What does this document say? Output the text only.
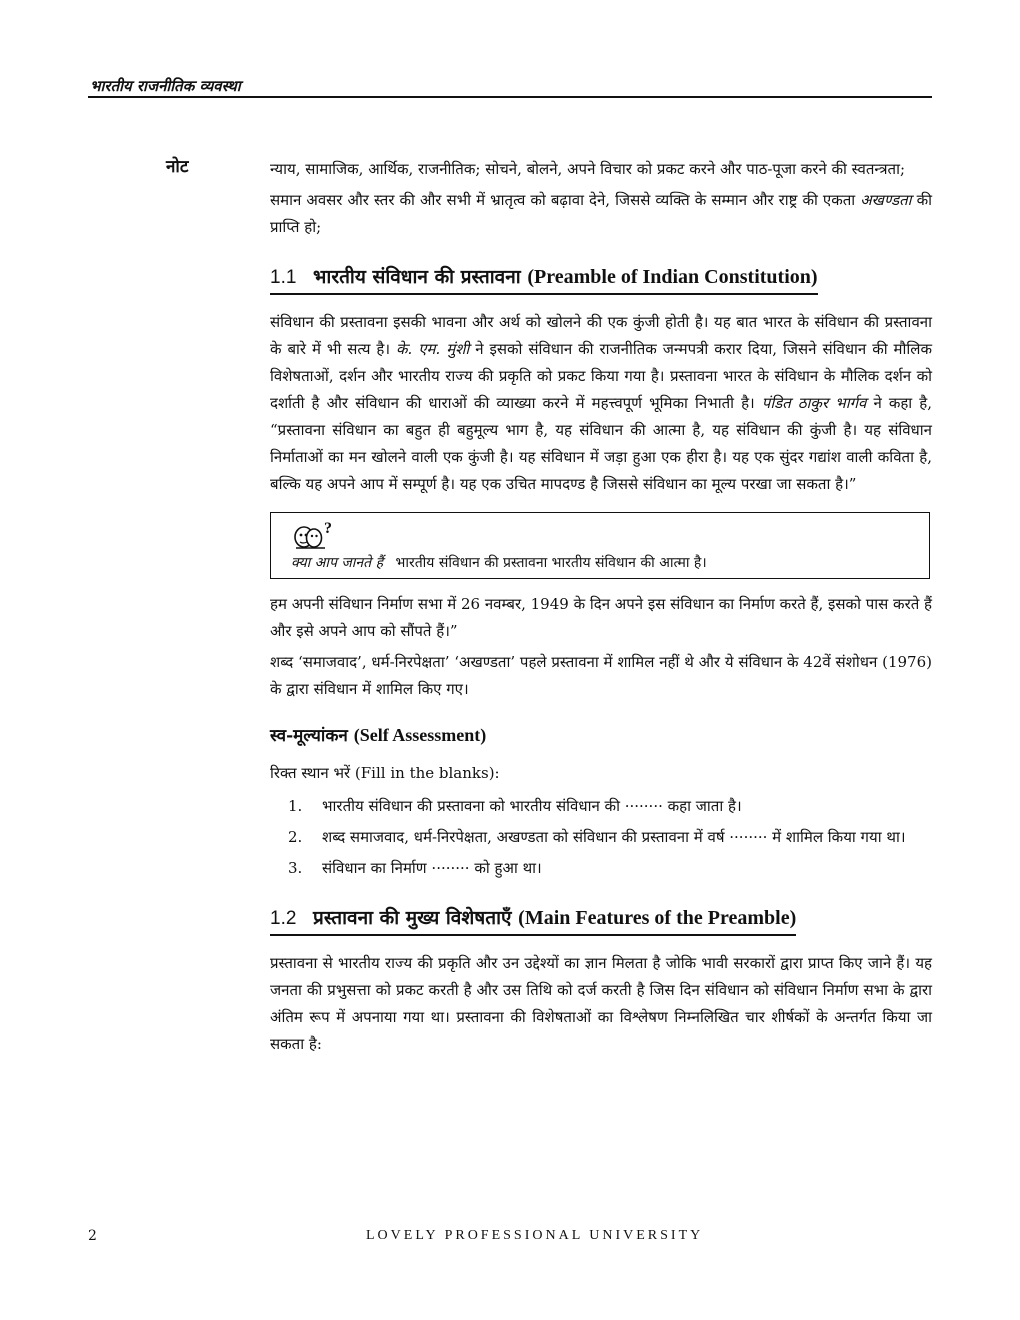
भारतीय राजनीतिक व्यवस्था
नोट	न्याय, सामाजिक, आर्थिक, राजनीतिक; सोचने, बोलने, अपने विचार को प्रकट करने और पाठ-पूजा करने की स्वतन्त्रता;

समान अवसर और स्तर की और सभी में भ्रातृत्व को बढ़ावा देने, जिससे व्यक्ति के सम्मान और राष्ट्र की एकता अखण्डता की प्राप्ति हो;

1.1 भारतीय संविधान की प्रस्तावना (Preamble of Indian Constitution)

संविधान की प्रस्तावना इसकी भावना और अर्थ को खोलने की एक कुंजी होती है। यह बात भारत के संविधान की प्रस्तावना के बारे में भी सत्य है। के. एम. मुंशी ने इसको संविधान की राजनीतिक जन्मपत्री करार दिया, जिसने संविधान की मौलिक विशेषताओं, दर्शन और भारतीय राज्य की प्रकृति को प्रकट किया गया है। प्रस्तावना भारत के संविधान के मौलिक दर्शन को दर्शाती है और संविधान की धाराओं की व्याख्या करने में महत्त्वपूर्ण भूमिका निभाती है। पंडित ठाकुर भार्गव ने कहा है, “प्रस्तावना संविधान का बहुत ही बहुमूल्य भाग है, यह संविधान की आत्मा है, यह संविधान की कुंजी है। यह संविधान निर्माताओं का मन खोलने वाली एक कुंजी है। यह संविधान में जड़ा हुआ एक हीरा है। यह एक सुंदर गद्यांश वाली कविता है, बल्कि यह अपने आप में सम्पूर्ण है। यह एक उचित मापदण्ड है जिससे संविधान का मूल्य परखा जा सकता है।”

?
क्या आप जानते हैं भारतीय संविधान की प्रस्तावना भारतीय संविधान की आत्मा है।

हम अपनी संविधान निर्माण सभा में 26 नवम्बर, 1949 के दिन अपने इस संविधान का निर्माण करते हैं, इसको पास करते हैं और इसे अपने आप को सौंपते हैं।”

शब्द ‘समाजवाद’, धर्म-निरपेक्षता’ ‘अखण्डता’ पहले प्रस्तावना में शामिल नहीं थे और ये संविधान के 42वें संशोधन (1976) के द्वारा संविधान में शामिल किए गए।

स्व-मूल्यांकन (Self Assessment)

रिक्त स्थान भरें (Fill in the blanks):

1.	भारतीय संविधान की प्रस्तावना को भारतीय संविधान की ········ कहा जाता है।
2.	शब्द समाजवाद, धर्म-निरपेक्षता, अखण्डता को संविधान की प्रस्तावना में वर्ष ········ में शामिल किया गया था।
3.	संविधान का निर्माण ········ को हुआ था।
1.2 प्रस्तावना की मुख्य विशेषताएँ (Main Features of the Preamble)

प्रस्तावना से भारतीय राज्य की प्रकृति और उन उद्देश्यों का ज्ञान मिलता है जोकि भावी सरकारों द्वारा प्राप्त किए जाने हैं। यह जनता की प्रभुसत्ता को प्रकट करती है और उस तिथि को दर्ज करती है जिस दिन संविधान को संविधान निर्माण सभा के द्वारा अंतिम रूप में अपनाया गया था। प्रस्तावना की विशेषताओं का विश्लेषण निम्नलिखित चार शीर्षकों के अन्तर्गत किया जा सकता है:

2	LOVELY PROFESSIONAL UNIVERSITY
